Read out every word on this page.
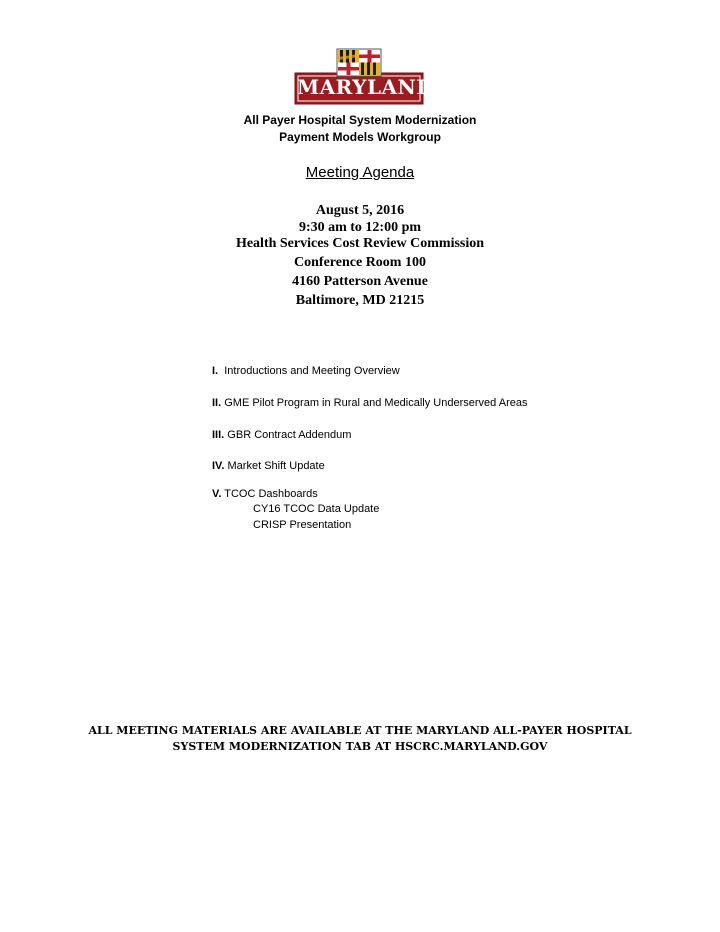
MARYLAND
All Payer Hospital System Modernization
Payment Models Workgroup
Meeting Agenda
August 5, 2016
9:30 am to 12:00 pm
Health Services Cost Review Commission
Conference Room 100
4160 Patterson Avenue
Baltimore, MD 21215
I. Introductions and Meeting Overview
II. GME Pilot Program in Rural and Medically Underserved Areas
III. GBR Contract Addendum
IV. Market Shift Update
V. TCOC Dashboards
CY16 TCOC Data Update
CRISP Presentation
ALL MEETING MATERIALS ARE AVAILABLE AT THE MARYLAND ALL-PAYER HOSPITAL
SYSTEM MODERNIZATION TAB AT HSCRC.MARYLAND.GOV
